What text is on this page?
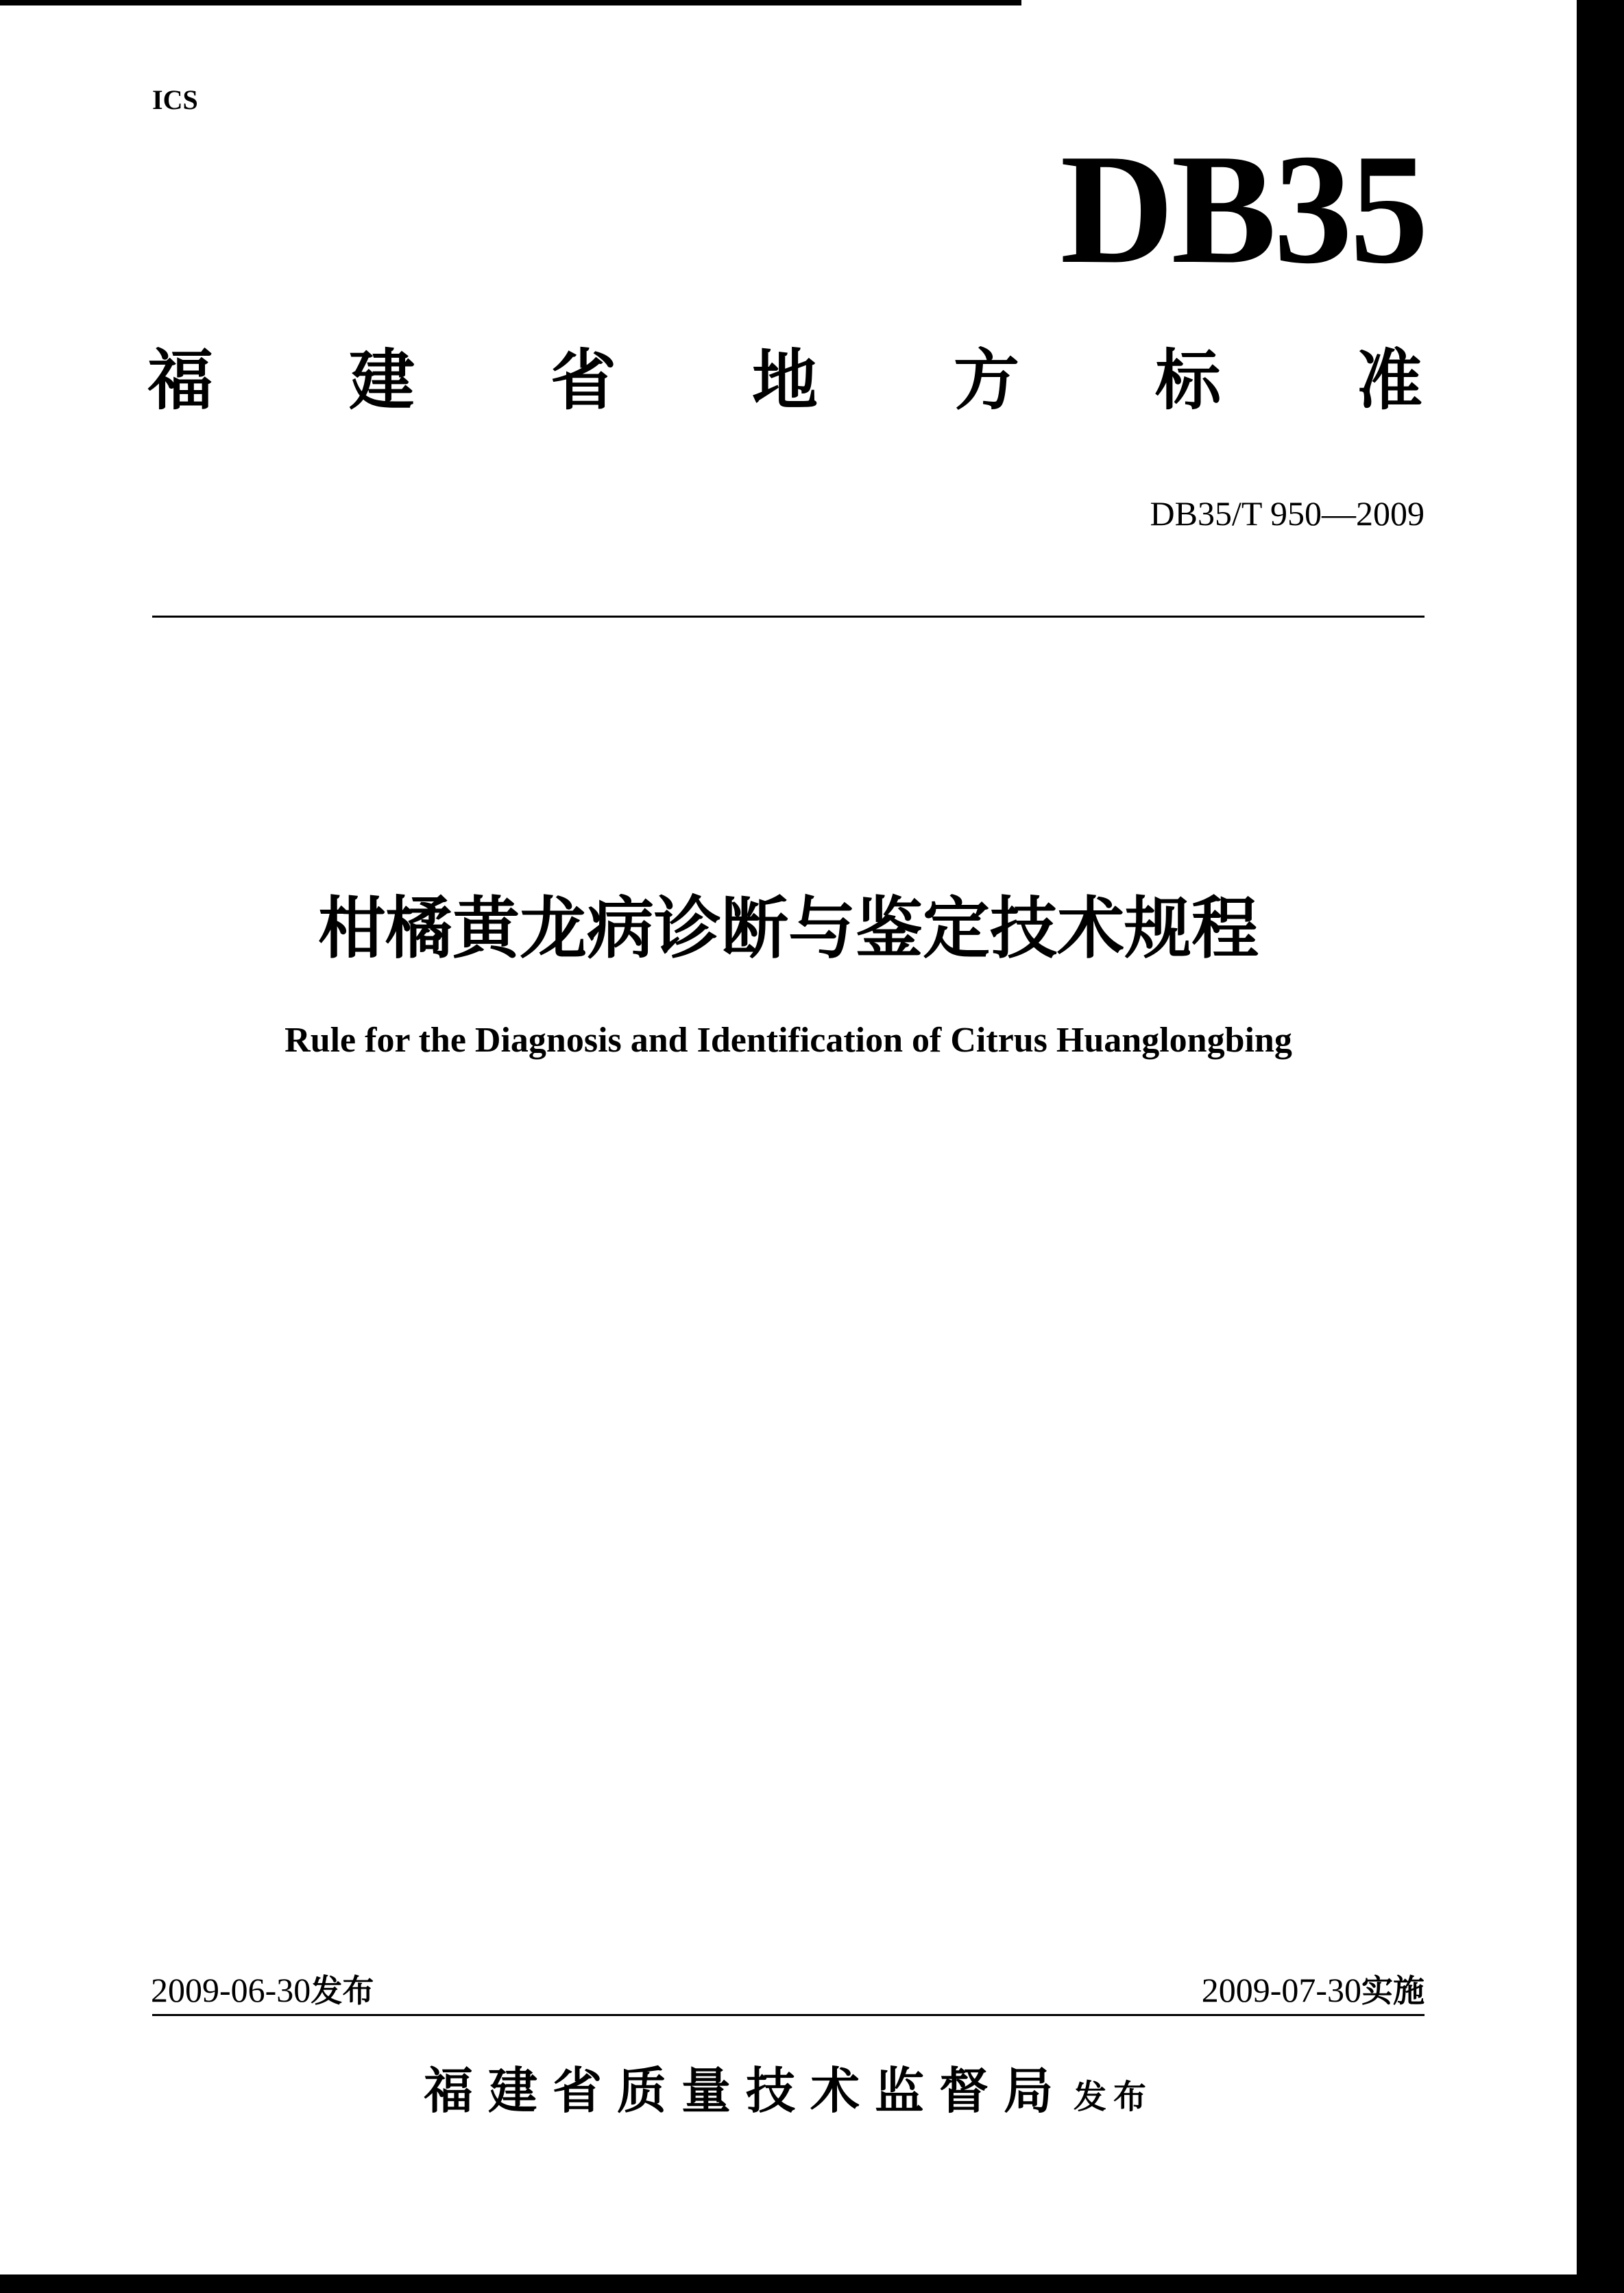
ICS
DB35
福 建 省 地 方 标 准
DB35/T 950—2009
柑橘黄龙病诊断与鉴定技术规程
Rule for the Diagnosis and Identification of Citrus Huanglongbing
2009-06-30发布	2009-07-30实施
福建省质量技术监督局 发布
